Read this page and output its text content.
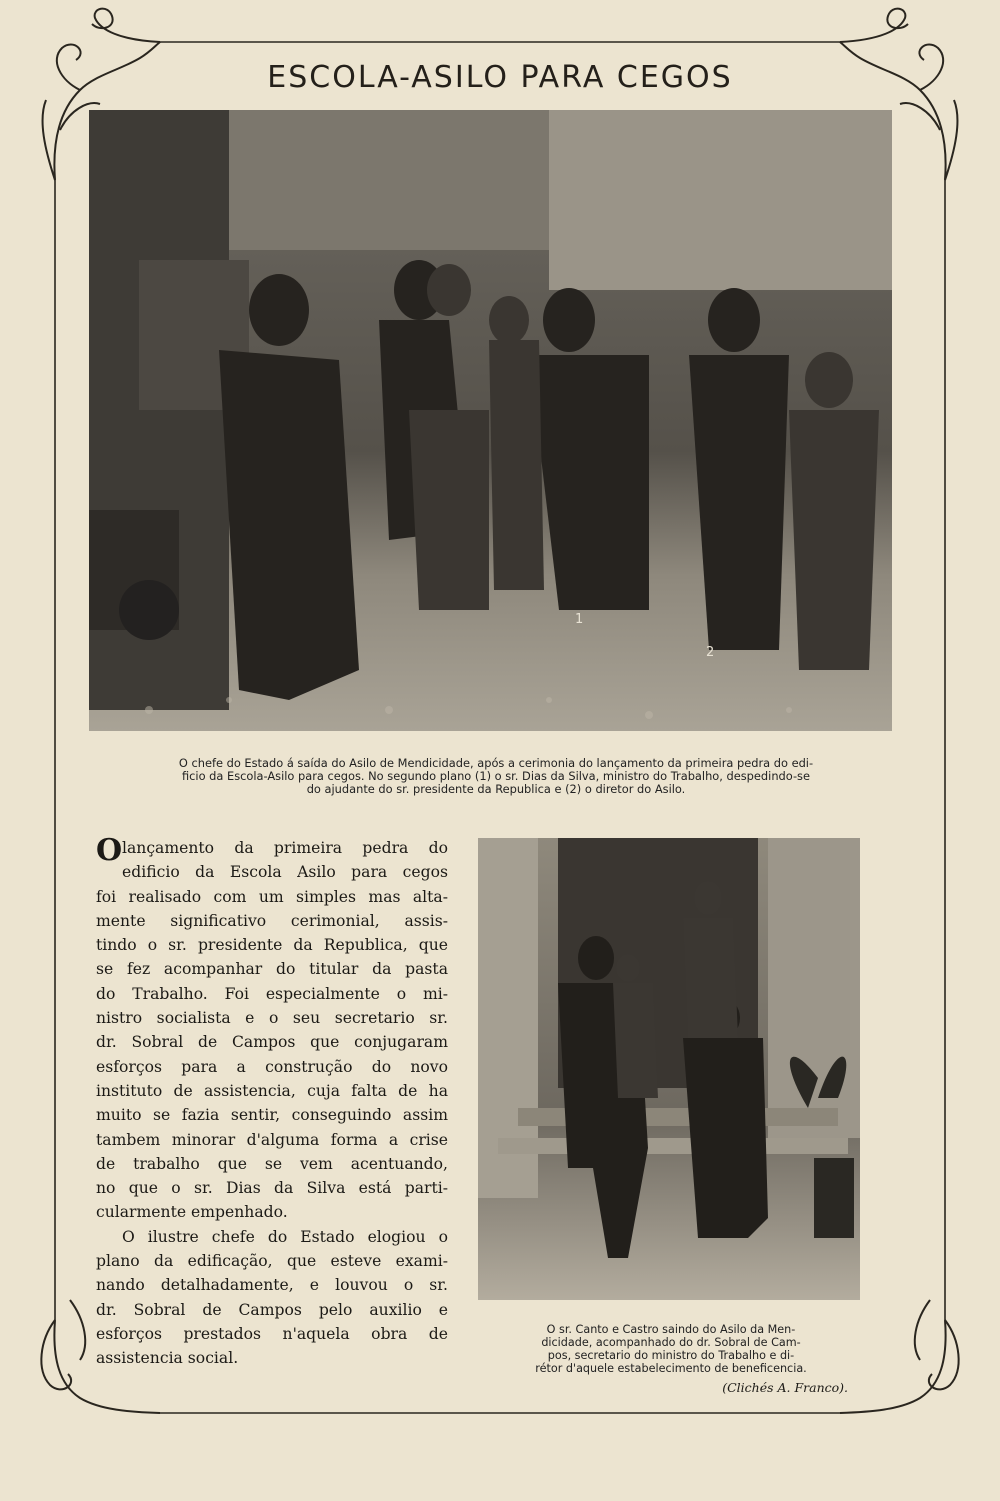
ESCOLA-ASILO PARA CEGOS
1
2
O chefe do Estado á saída do Asilo de Mendicidade, após a cerimonia do lançamento da primeira pedra do edi-
ficio da Escola-Asilo para cegos. No segundo plano (1) o sr. Dias da Silva, ministro do Trabalho, despedindo-se
do ajudante do sr. presidente da Republica e (2) o diretor do Asilo.
O lançamento da primeira pedra do
edificio da Escola Asilo para cegos
foi realisado com um simples mas alta-
mente significativo cerimonial, assis-
tindo o sr. presidente da Republica, que
se fez acompanhar do titular da pasta
do Trabalho. Foi especialmente o mi-
nistro socialista e o seu secretario sr.
dr. Sobral de Campos que conjugaram
esforços para a construção do novo
instituto de assistencia, cuja falta de ha
muito se fazia sentir, conseguindo assim
tambem minorar d'alguma forma a crise
de trabalho que se vem acentuando,
no que o sr. Dias da Silva está parti-
cularmente empenhado.
O ilustre chefe do Estado elogiou o
plano da edificação, que esteve exami-
nando detalhadamente, e louvou o sr.
dr. Sobral de Campos pelo auxilio e
esforços prestados n'aquela obra de
assistencia social.
O sr. Canto e Castro saindo do Asilo da Men-
dicidade, acompanhado do dr. Sobral de Cam-
pos, secretario do ministro do Trabalho e di-
rétor d'aquele estabelecimento de beneficencia.
(Clichés A. Franco).
